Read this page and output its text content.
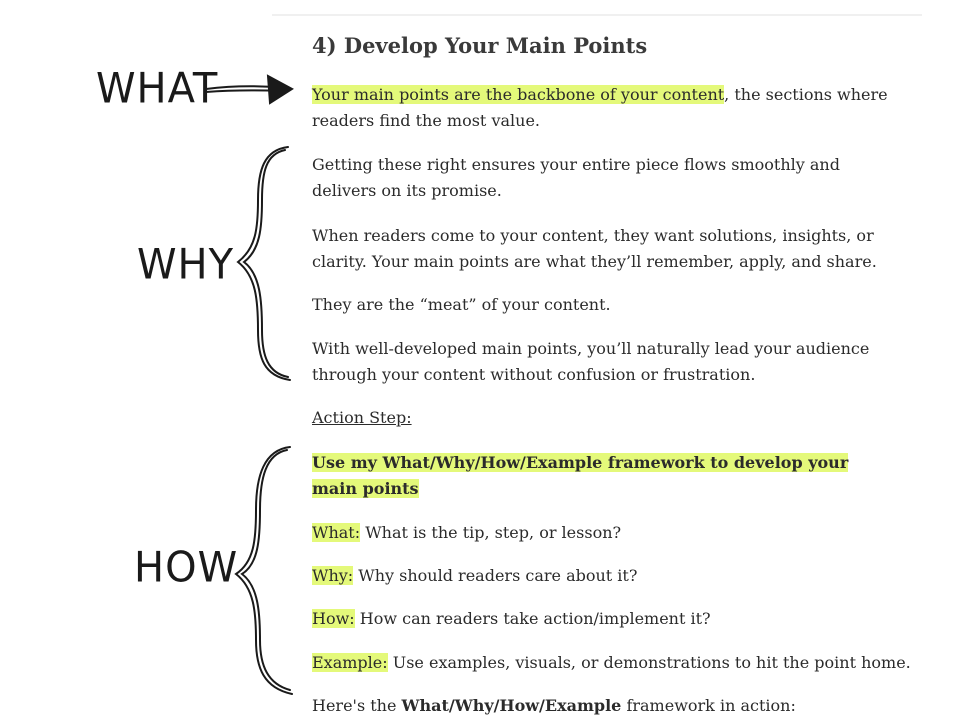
WHAT
WHY
HOW
4) Develop Your Main Points

Your main points are the backbone of your content, the sections where readers find the most value.

Getting these right ensures your entire piece flows smoothly and delivers on its promise.

When readers come to your content, they want solutions, insights, or clarity. Your main points are what they’ll remember, apply, and share.

They are the “meat” of your content.

With well-developed main points, you’ll naturally lead your audience through your content without confusion or frustration.

Action Step:

Use my What/Why/How/Example framework to develop your main points

What: What is the tip, step, or lesson?

Why: Why should readers care about it?

How: How can readers take action/implement it?

Example: Use examples, visuals, or demonstrations to hit the point home.

Here's the What/Why/How/Example framework in action:
